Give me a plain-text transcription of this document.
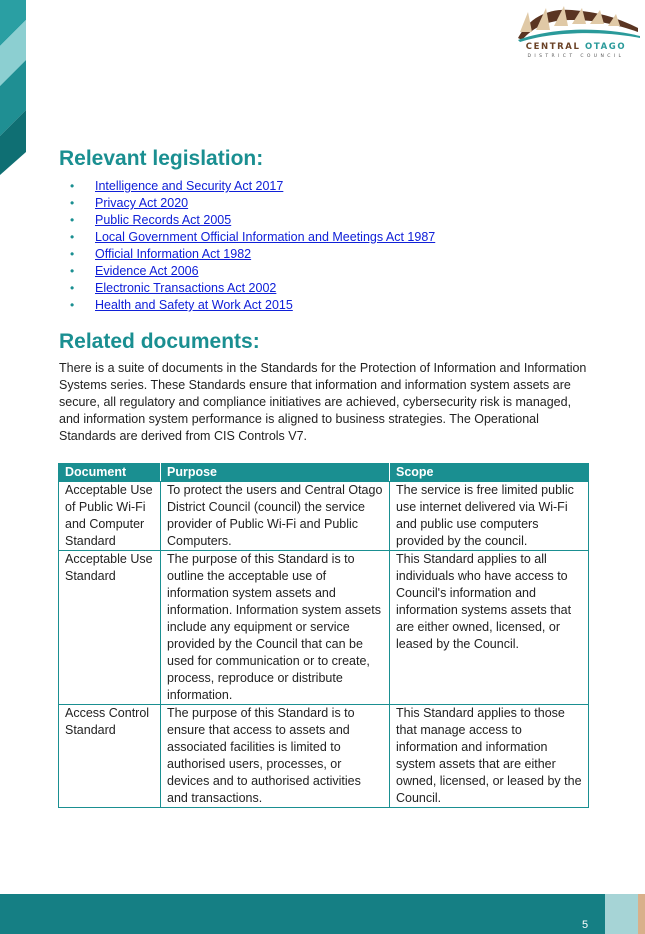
CENTRAL OTAGO
DISTRICT COUNCIL
Relevant legislation:
• Intelligence and Security Act 2017
• Privacy Act 2020
• Public Records Act 2005
• Local Government Official Information and Meetings Act 1987
• Official Information Act 1982
• Evidence Act 2006
• Electronic Transactions Act 2002
• Health and Safety at Work Act 2015
Related documents:

There is a suite of documents in the Standards for the Protection of Information and Information Systems series. These Standards ensure that information and information system assets are secure, all regulatory and compliance initiatives are achieved, cybersecurity risk is managed, and information system performance is aligned to business strategies. The Operational Standards are derived from CIS Controls V7.

Document	Purpose	Scope
Acceptable Use of Public Wi-Fi and Computer Standard	To protect the users and Central Otago District Council (council) the service provider of Public Wi-Fi and Public Computers.	The service is free limited public use internet delivered via Wi-Fi and public use computers provided by the council.
Acceptable Use Standard	The purpose of this Standard is to outline the acceptable use of information system assets and information. Information system assets include any equipment or service provided by the Council that can be used for communication or to create, process, reproduce or distribute information.	This Standard applies to all individuals who have access to Council's information and information systems assets that are either owned, licensed, or leased by the Council.
Access Control Standard	The purpose of this Standard is to ensure that access to assets and associated facilities is limited to authorised users, processes, or devices and to authorised activities and transactions.	This Standard applies to those that manage access to information and information system assets that are either owned, licensed, or leased by the Council.
5
